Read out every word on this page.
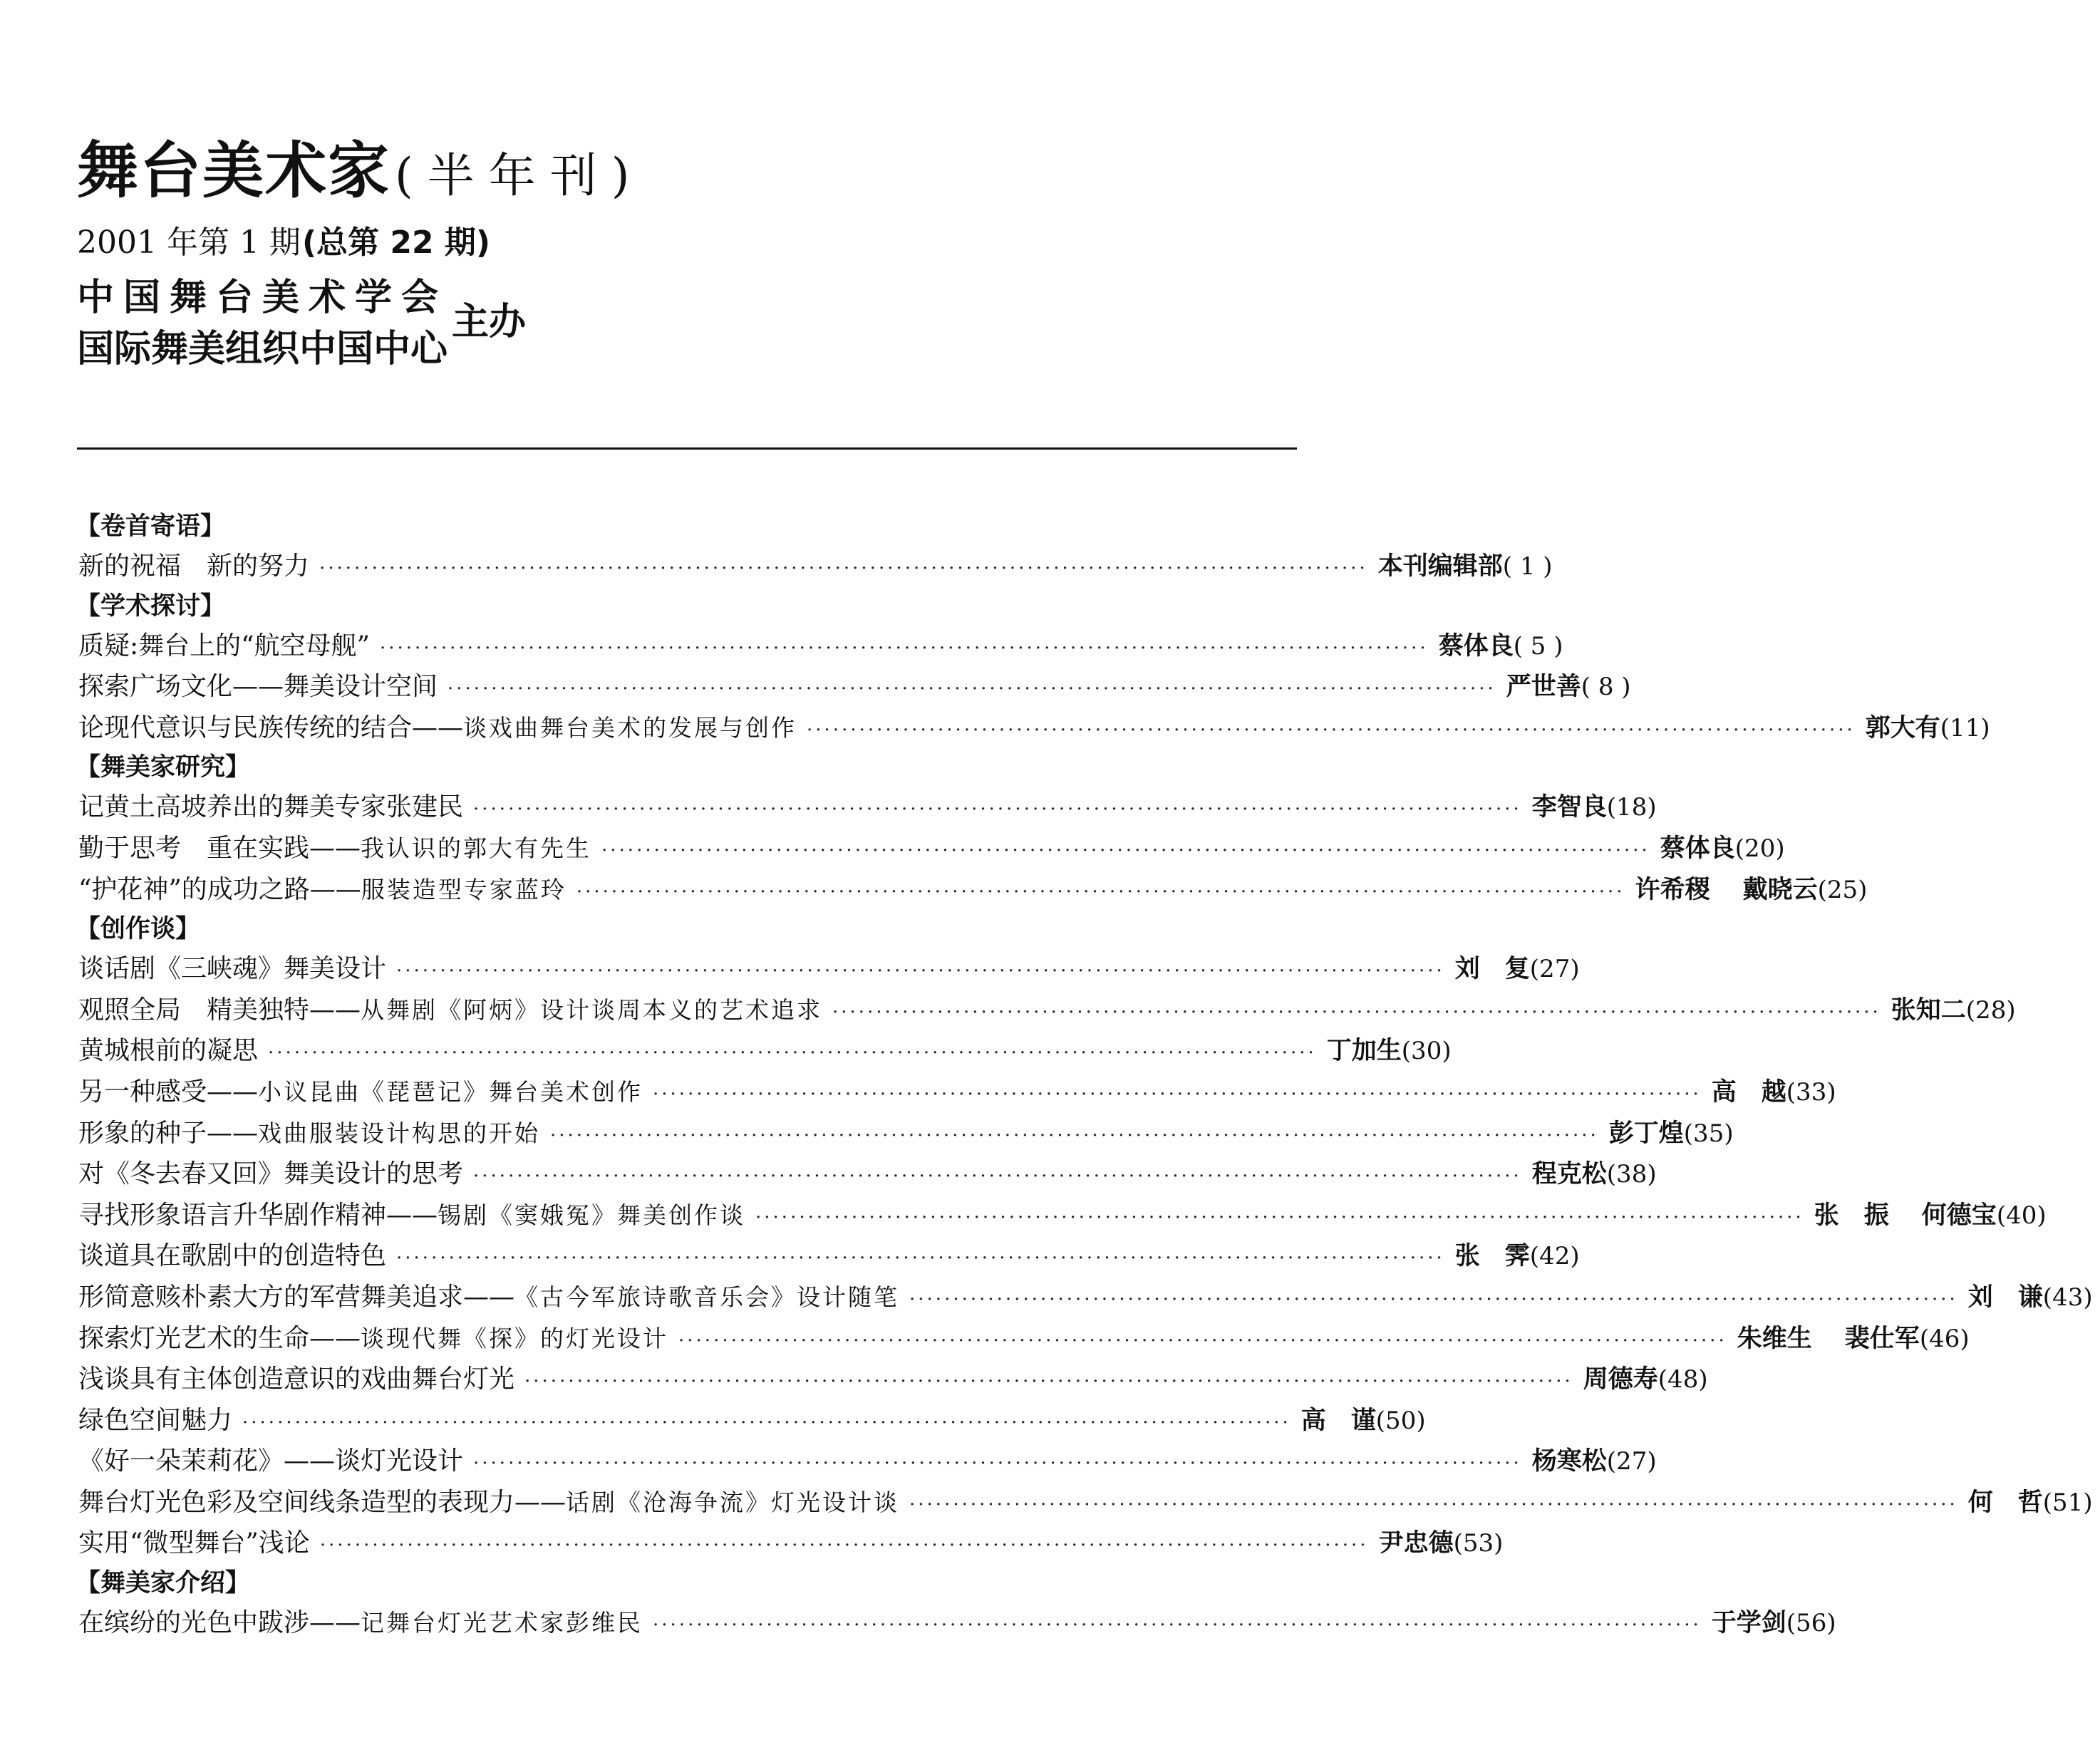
舞台美术家 (半年刊)
2001 年第 1 期 (总第 22 期)
中国舞台美术学会
国际舞美组织中国中心
主办
【卷首寄语】
新的祝福　新的努力 ························································································································ 本刊编辑部 ( 1 )
【学术探讨】
质疑:舞台上的“航空母舰” ························································································································ 蔡体良 ( 5 )
探索广场文化——舞美设计空间 ························································································································ 严世善 ( 8 )
论现代意识与民族传统的结合—— 谈戏曲舞台美术的发展与创作 ························································································································ 郭大有 (11)
【舞美家研究】
记黄土高坡养出的舞美专家张建民 ························································································································ 李智良 (18)
勤于思考　重在实践—— 我认识的郭大有先生 ························································································································ 蔡体良 (20)
“护花神”的成功之路—— 服装造型专家蓝玲 ························································································································ 许希稷 戴晓云 (25)
【创作谈】
谈话剧《三峡魂》舞美设计 ························································································································ 刘　复 (27)
观照全局　精美独特—— 从舞剧《阿炳》设计谈周本义的艺术追求 ························································································································ 张知二 (28)
黄城根前的凝思 ························································································································ 丁加生 (30)
另一种感受—— 小议昆曲《琵琶记》舞台美术创作 ························································································································ 高　越 (33)
形象的种子—— 戏曲服装设计构思的开始 ························································································································ 彭丁煌 (35)
对《冬去春又回》舞美设计的思考 ························································································································ 程克松 (38)
寻找形象语言升华剧作精神—— 锡剧《窦娥冤》舞美创作谈 ························································································································ 张　振 何德宝 (40)
谈道具在歌剧中的创造特色 ························································································································ 张　霁 (42)
形简意赅朴素大方的军营舞美追求—— 《古今军旅诗歌音乐会》设计随笔 ························································································································ 刘　谦 (43)
探索灯光艺术的生命—— 谈现代舞《探》的灯光设计 ························································································································ 朱维生 裴仕军 (46)
浅谈具有主体创造意识的戏曲舞台灯光 ························································································································ 周德寿 (48)
绿色空间魅力 ························································································································ 高　谨 (50)
《好一朵茉莉花》——谈灯光设计 ························································································································ 杨寒松 (27)
舞台灯光色彩及空间线条造型的表现力—— 话剧《沧海争流》灯光设计谈 ························································································································ 何　哲 (51)
实用“微型舞台”浅论 ························································································································ 尹忠德 (53)
【舞美家介绍】
在缤纷的光色中跋涉—— 记舞台灯光艺术家彭维民 ························································································································ 于学剑 (56)
